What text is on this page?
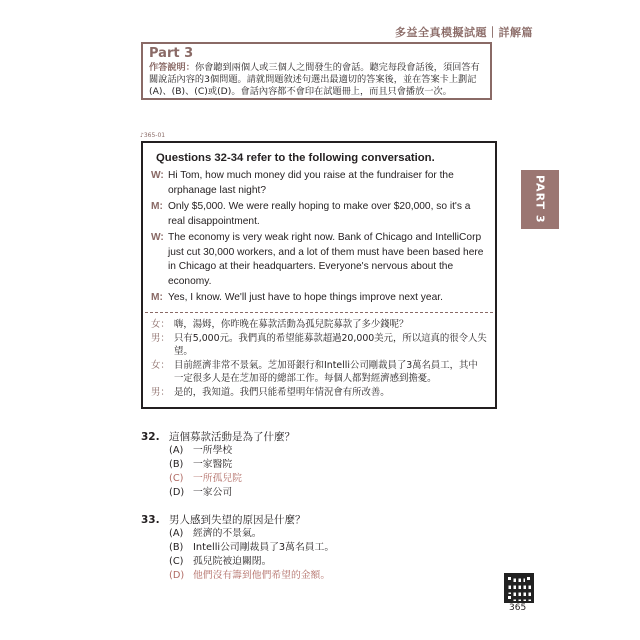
多益全真模擬試題｜詳解篇
Part 3
作答說明：你會聽到兩個人或三個人之間發生的會話。聽完每段會話後，須回答有關說話內容的3個問題。請就問題敘述句選出最適切的答案後，並在答案卡上劃記(A)、(B)、(C)或(D)。會話內容都不會印在試題冊上，而且只會播放一次。
♪365-01
PART 3
Questions 32-34 refer to the following conversation.
W: Hi Tom, how much money did you raise at the fundraiser for the orphanage last night?
M: Only $5,000. We were really hoping to make over $20,000, so it's a real disappointment.
W: The economy is very weak right now. Bank of Chicago and IntelliCorp just cut 30,000 workers, and a lot of them must have been based here in Chicago at their headquarters. Everyone's nervous about the economy.
M: Yes, I know. We'll just have to hope things improve next year.
女： 嗨，湯姆，你昨晚在募款活動為孤兒院募款了多少錢呢？
男： 只有5,000元。我們真的希望能募款超過20,000美元，所以這真的很令人失望。
女： 目前經濟非常不景氣。芝加哥銀行和Intelli公司剛裁員了3萬名員工，其中一定很多人是在芝加哥的總部工作。每個人都對經濟感到擔憂。
男： 是的，我知道。我們只能希望明年情況會有所改善。
32. 這個募款活動是為了什麼？
(A) 一所學校
(B) 一家醫院
(C) 一所孤兒院
(D) 一家公司
33. 男人感到失望的原因是什麼？
(A) 經濟的不景氣。
(B) Intelli公司剛裁員了3萬名員工。
(C) 孤兒院被迫關閉。
(D) 他們沒有籌到他們希望的金額。
365
